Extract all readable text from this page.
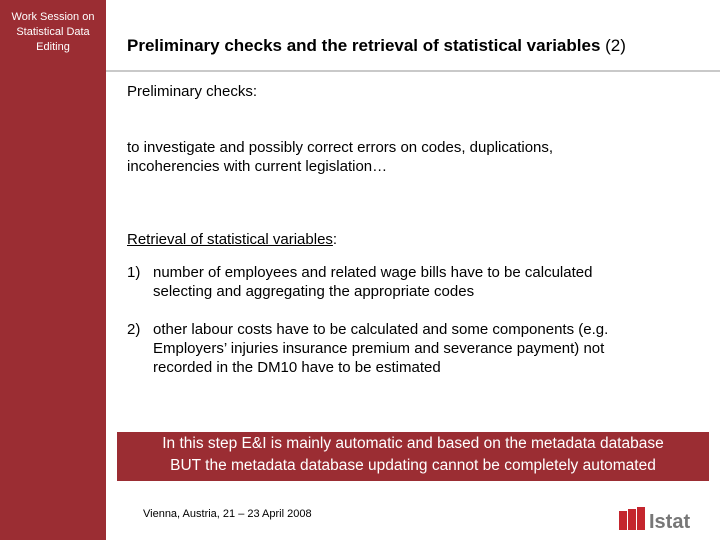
Work Session on
Statistical Data
Editing	Preliminary checks and the retrieval of statistical variables (2)
Preliminary checks:
to investigate and possibly correct errors on codes, duplications,
incoherencies with current legislation…
Retrieval of statistical variables:
1) number of employees and related wage bills have to be calculated
selecting and aggregating the appropriate codes
2) other labour costs have to be calculated and some components (e.g.
Employers’ injuries insurance premium and severance payment) not
recorded in the DM10 have to be estimated
In this step E&I is mainly automatic and based on the metadata database
BUT the metadata database updating cannot be completely automated
Vienna, Austria, 21 – 23 April 2008	Istat
